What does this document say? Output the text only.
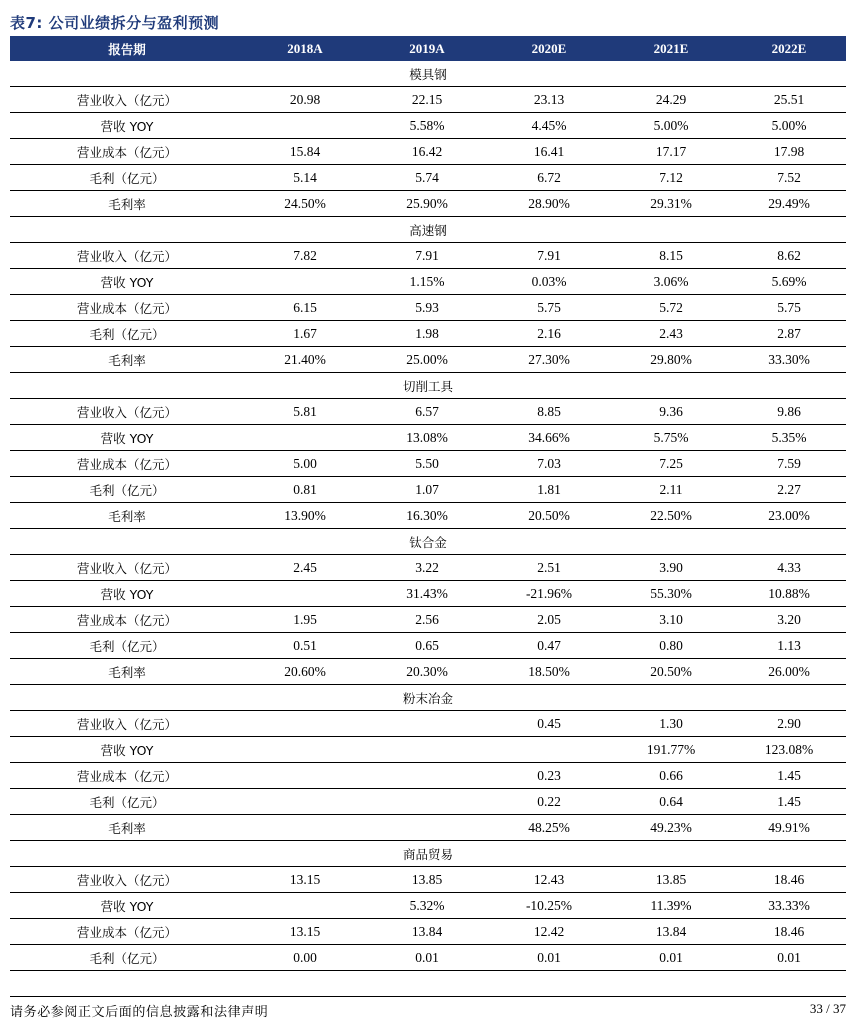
表7: 公司业绩拆分与盈利预测
报告期	2018A	2019A	2020E	2021E	2022E
模具钢					
营业收入（亿元）	20.98	22.15	23.13	24.29	25.51
营收 YOY		5.58%	4.45%	5.00%	5.00%
营业成本（亿元）	15.84	16.42	16.41	17.17	17.98
毛利（亿元）	5.14	5.74	6.72	7.12	7.52
毛利率	24.50%	25.90%	28.90%	29.31%	29.49%
高速钢					
营业收入（亿元）	7.82	7.91	7.91	8.15	8.62
营收 YOY		1.15%	0.03%	3.06%	5.69%
营业成本（亿元）	6.15	5.93	5.75	5.72	5.75
毛利（亿元）	1.67	1.98	2.16	2.43	2.87
毛利率	21.40%	25.00%	27.30%	29.80%	33.30%
切削工具					
营业收入（亿元）	5.81	6.57	8.85	9.36	9.86
营收 YOY		13.08%	34.66%	5.75%	5.35%
营业成本（亿元）	5.00	5.50	7.03	7.25	7.59
毛利（亿元）	0.81	1.07	1.81	2.11	2.27
毛利率	13.90%	16.30%	20.50%	22.50%	23.00%
钛合金					
营业收入（亿元）	2.45	3.22	2.51	3.90	4.33
营收 YOY		31.43%	-21.96%	55.30%	10.88%
营业成本（亿元）	1.95	2.56	2.05	3.10	3.20
毛利（亿元）	0.51	0.65	0.47	0.80	1.13
毛利率	20.60%	20.30%	18.50%	20.50%	26.00%
粉末冶金					
营业收入（亿元）			0.45	1.30	2.90
营收 YOY				191.77%	123.08%
营业成本（亿元）			0.23	0.66	1.45
毛利（亿元）			0.22	0.64	1.45
毛利率			48.25%	49.23%	49.91%
商品贸易					
营业收入（亿元）	13.15	13.85	12.43	13.85	18.46
营收 YOY		5.32%	-10.25%	11.39%	33.33%
营业成本（亿元）	13.15	13.84	12.42	13.84	18.46
毛利（亿元）	0.00	0.01	0.01	0.01	0.01
请务必参阅正文后面的信息披露和法律声明	33 / 37
